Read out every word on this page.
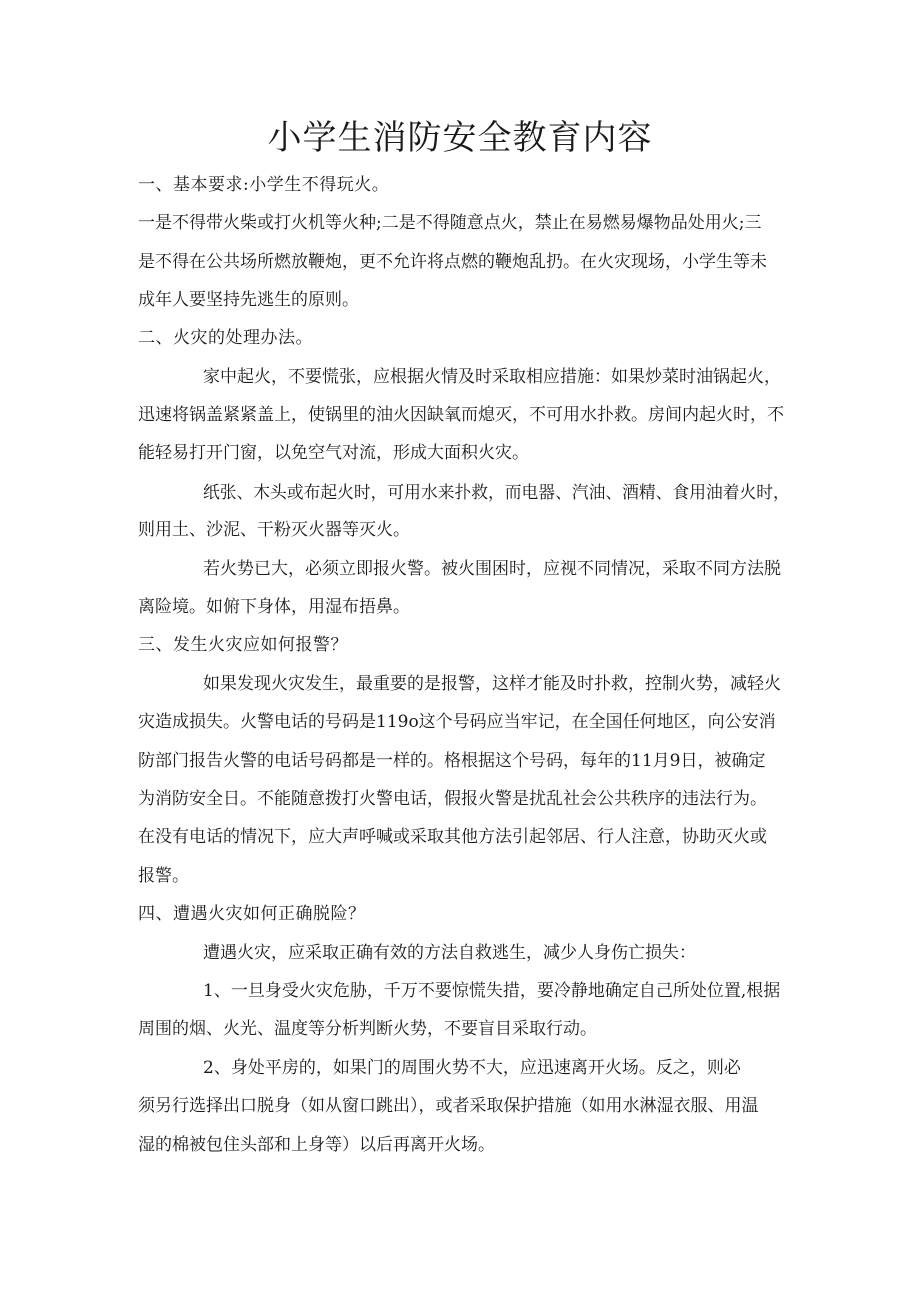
小学生消防安全教育内容
一、基本要求:小学生不得玩火。
一是不得带火柴或打火机等火种;二是不得随意点火，禁止在易燃易爆物品处用火;三
是不得在公共场所燃放鞭炮，更不允许将点燃的鞭炮乱扔。在火灾现场，小学生等未
成年人要坚持先逃生的原则。
二、火灾的处理办法。
家中起火，不要慌张，应根据火情及时采取相应措施：如果炒菜时油锅起火，
迅速将锅盖紧紧盖上，使锅里的油火因缺氧而熄灭，不可用水扑救。房间内起火时，不
能轻易打开门窗，以免空气对流，形成大面积火灾。
纸张、木头或布起火时，可用水来扑救，而电器、汽油、酒精、食用油着火时，
则用土、沙泥、干粉灭火器等灭火。
若火势已大，必须立即报火警。被火围困时，应视不同情况，采取不同方法脱
离险境。如俯下身体，用湿布捂鼻。
三、发生火灾应如何报警？
如果发现火灾发生，最重要的是报警，这样才能及时扑救，控制火势，减轻火
灾造成损失。火警电话的号码是119o这个号码应当牢记，在全国任何地区，向公安消
防部门报告火警的电话号码都是一样的。格根据这个号码，每年的11月9日，被确定
为消防安全日。不能随意拨打火警电话，假报火警是扰乱社会公共秩序的违法行为。
在没有电话的情况下，应大声呼喊或采取其他方法引起邻居、行人注意，协助灭火或
报警。
四、遭遇火灾如何正确脱险？
遭遇火灾，应采取正确有效的方法自救逃生，减少人身伤亡损失：
1、一旦身受火灾危胁，千万不要惊慌失措，要冷静地确定自己所处位置,根据
周围的烟、火光、温度等分析判断火势，不要盲目采取行动。
2、身处平房的，如果门的周围火势不大，应迅速离开火场。反之，则必
须另行选择出口脱身（如从窗口跳出），或者采取保护措施（如用水淋湿衣服、用温
湿的棉被包住头部和上身等）以后再离开火场。
